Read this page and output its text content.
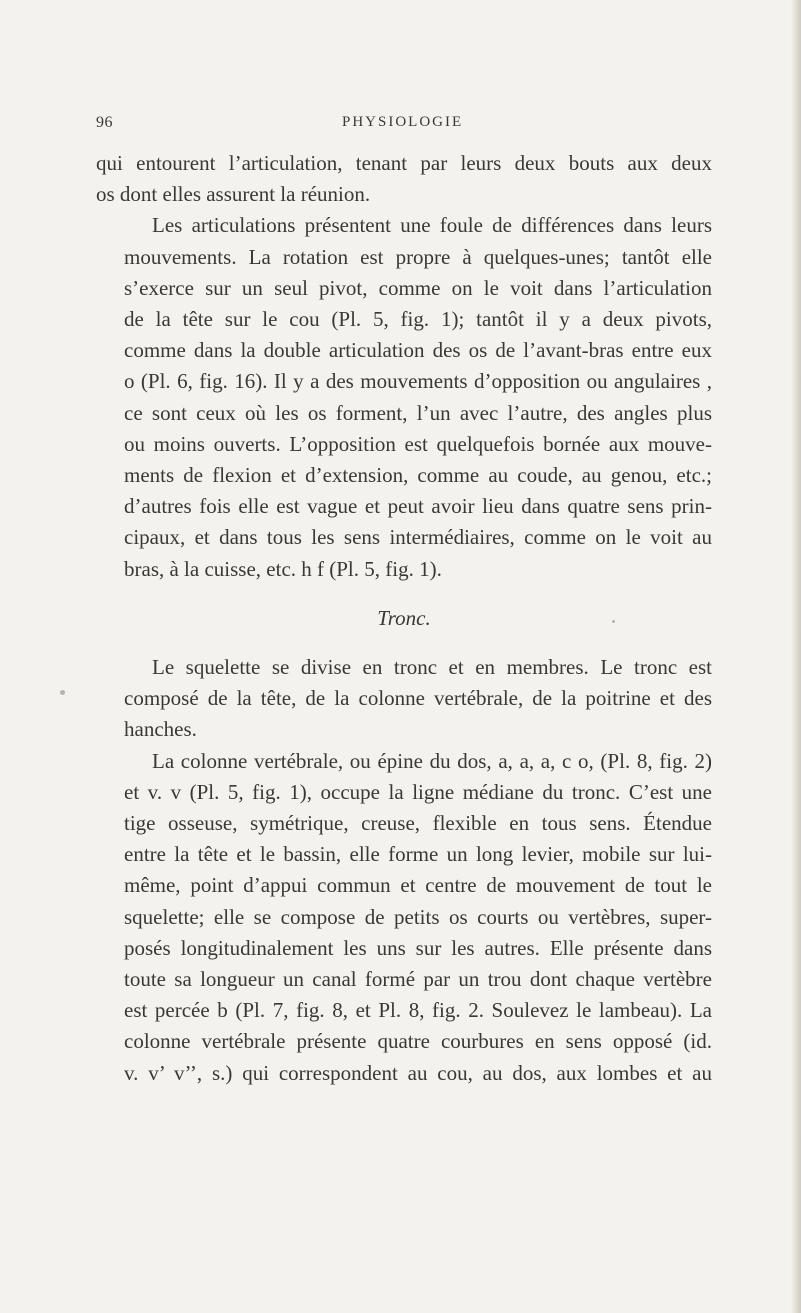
96	PHYSIOLOGIE

qui entourent l’articulation, tenant par leurs deux bouts aux deux
os dont elles assurent la réunion.

Les articulations présentent une foule de différences dans leurs
mouvements. La rotation est propre à quelques-unes; tantôt elle
s’exerce sur un seul pivot, comme on le voit dans l’articulation
de la tête sur le cou (Pl. 5, fig. 1); tantôt il y a deux pivots,
comme dans la double articulation des os de l’avant-bras entre eux
o (Pl. 6, fig. 16). Il y a des mouvements d’opposition ou angulaires ,
ce sont ceux où les os forment, l’un avec l’autre, des angles plus
ou moins ouverts. L’opposition est quelquefois bornée aux mouve-
ments de flexion et d’extension, comme au coude, au genou, etc.;
d’autres fois elle est vague et peut avoir lieu dans quatre sens prin-
cipaux, et dans tous les sens intermédiaires, comme on le voit au
bras, à la cuisse, etc. h f (Pl. 5, fig. 1).

Tronc.

Le squelette se divise en tronc et en membres. Le tronc est
composé de la tête, de la colonne vertébrale, de la poitrine et des
hanches.

La colonne vertébrale, ou épine du dos, a, a, a, c o, (Pl. 8, fig. 2)
et v. v (Pl. 5, fig. 1), occupe la ligne médiane du tronc. C’est une
tige osseuse, symétrique, creuse, flexible en tous sens. Étendue
entre la tête et le bassin, elle forme un long levier, mobile sur lui-
même, point d’appui commun et centre de mouvement de tout le
squelette; elle se compose de petits os courts ou vertèbres, super-
posés longitudinalement les uns sur les autres. Elle présente dans
toute sa longueur un canal formé par un trou dont chaque vertèbre
est percée b (Pl. 7, fig. 8, et Pl. 8, fig. 2. Soulevez le lambeau). La
colonne vertébrale présente quatre courbures en sens opposé (id.
v. v’ v’’, s.) qui correspondent au cou, au dos, aux lombes et au
